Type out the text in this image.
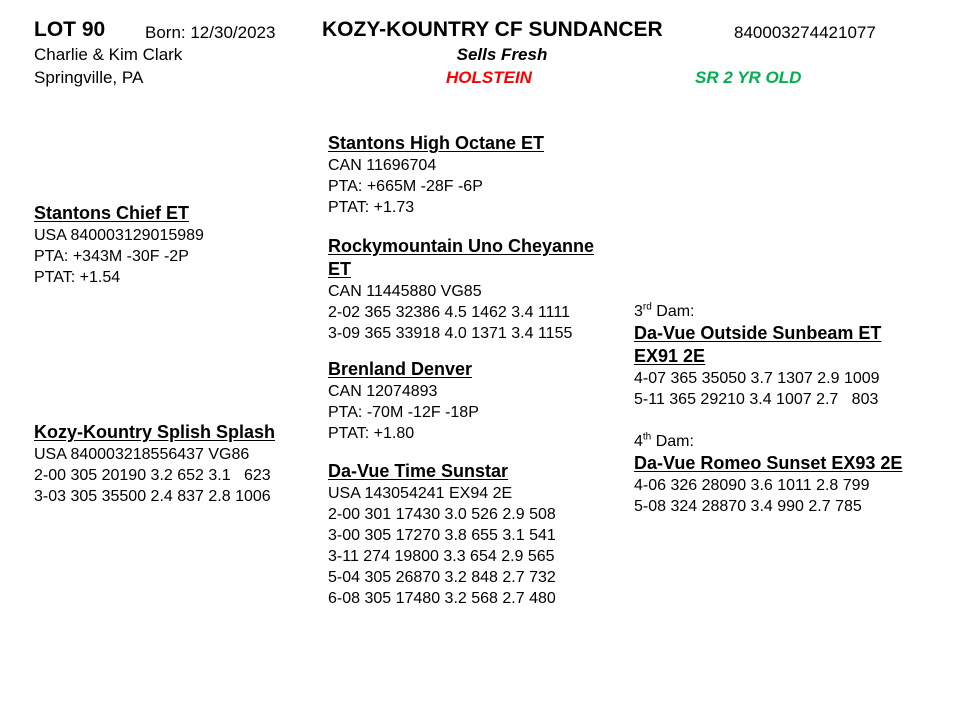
LOT 90 Born: 12/30/2023 KOZY-KOUNTRY CF SUNDANCER	840003274421077
Charlie & Kim Clark
Springville, PA
Sells Fresh
HOLSTEIN	SR 2 YR OLD
Stantons Chief ET
USA 840003129015989
PTA: +343M -30F -2P
PTAT: +1.54
Kozy-Kountry Splish Splash
USA 840003218556437 VG86
2-00 305 20190 3.2 652 3.1   623
3-03 305 35500 2.4 837 2.8 1006
Stantons High Octane ET
CAN 11696704
PTA: +665M -28F -6P
PTAT: +1.73
Rockymountain Uno Cheyanne
ET
CAN 11445880 VG85
2-02 365 32386 4.5 1462 3.4 1111
3-09 365 33918 4.0 1371 3.4 1155
Brenland Denver
CAN 12074893
PTA: -70M -12F -18P
PTAT: +1.80
Da-Vue Time Sunstar
USA 143054241 EX94 2E
2-00 301 17430 3.0 526 2.9 508
3-00 305 17270 3.8 655 3.1 541
3-11 274 19800 3.3 654 2.9 565
5-04 305 26870 3.2 848 2.7 732
6-08 305 17480 3.2 568 2.7 480
3rd Dam:
Da-Vue Outside Sunbeam ET
EX91 2E
4-07 365 35050 3.7 1307 2.9 1009
5-11 365 29210 3.4 1007 2.7   803
4th Dam:
Da-Vue Romeo Sunset EX93 2E
4-06 326 28090 3.6 1011 2.8 799
5-08 324 28870 3.4 990 2.7 785
